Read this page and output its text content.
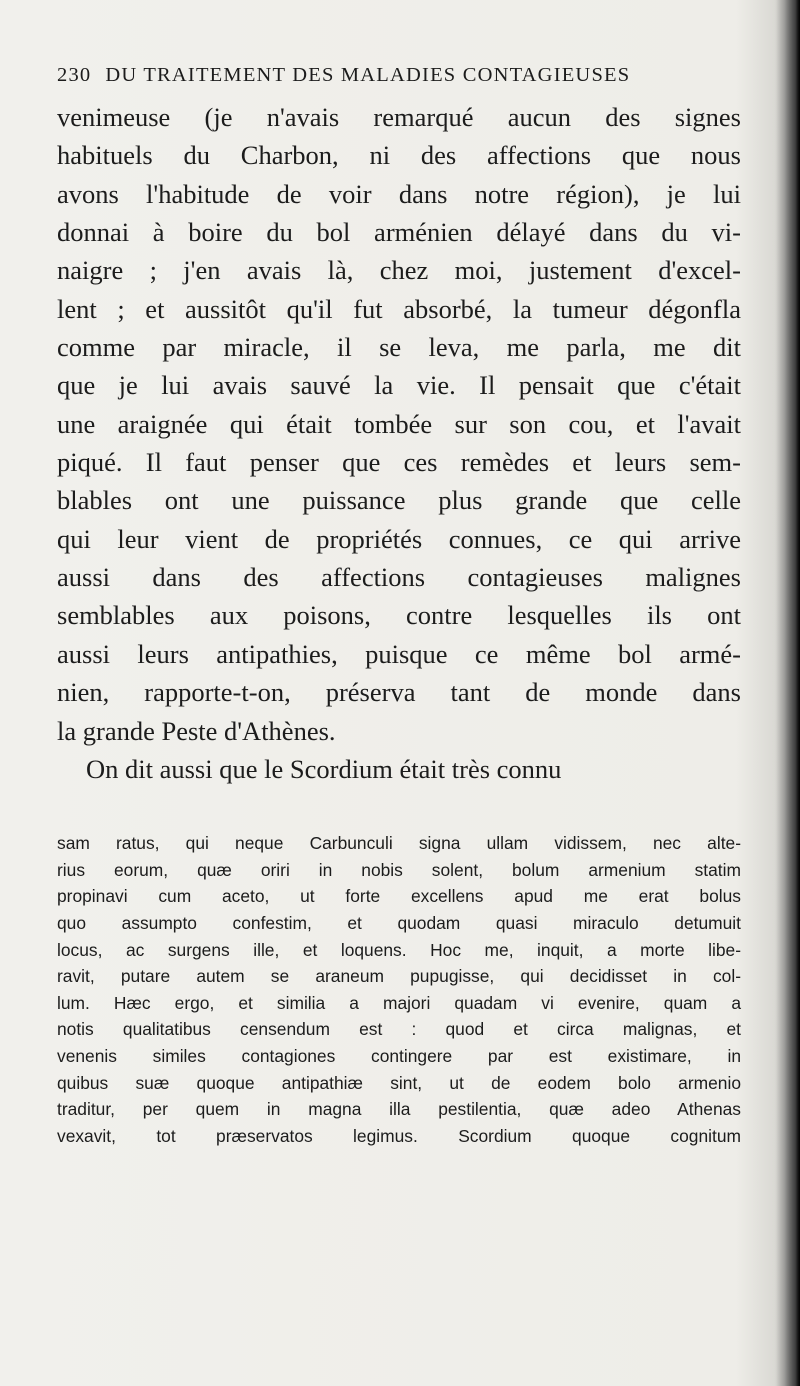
230 DU TRAITEMENT DES MALADIES CONTAGIEUSES
venimeuse (je n'avais remarqué aucun des signes
habituels du Charbon, ni des affections que nous
avons l'habitude de voir dans notre région), je lui
donnai à boire du bol arménien délayé dans du vi-
naigre ; j'en avais là, chez moi, justement d'excel-
lent ; et aussitôt qu'il fut absorbé, la tumeur dégonfla
comme par miracle, il se leva, me parla, me dit
que je lui avais sauvé la vie. Il pensait que c'était
une araignée qui était tombée sur son cou, et l'avait
piqué. Il faut penser que ces remèdes et leurs sem-
blables ont une puissance plus grande que celle
qui leur vient de propriétés connues, ce qui arrive
aussi dans des affections contagieuses malignes
semblables aux poisons, contre lesquelles ils ont
aussi leurs antipathies, puisque ce même bol armé-
nien, rapporte-t-on, préserva tant de monde dans
la grande Peste d'Athènes.
On dit aussi que le Scordium était très connu
sam ratus, qui neque Carbunculi signa ullam vidissem, nec alte-
rius eorum, quæ oriri in nobis solent, bolum armenium statim
propinavi cum aceto, ut forte excellens apud me erat bolus
quo assumpto confestim, et quodam quasi miraculo detumuit
locus, ac surgens ille, et loquens. Hoc me, inquit, a morte libe-
ravit, putare autem se araneum pupugisse, qui decidisset in col-
lum. Hæc ergo, et similia a majori quadam vi evenire, quam a
notis qualitatibus censendum est : quod et circa malignas, et
venenis similes contagiones contingere par est existimare, in
quibus suæ quoque antipathiæ sint, ut de eodem bolo armenio
traditur, per quem in magna illa pestilentia, quæ adeo Athenas
vexavit, tot præservatos legimus. Scordium quoque cognitum
